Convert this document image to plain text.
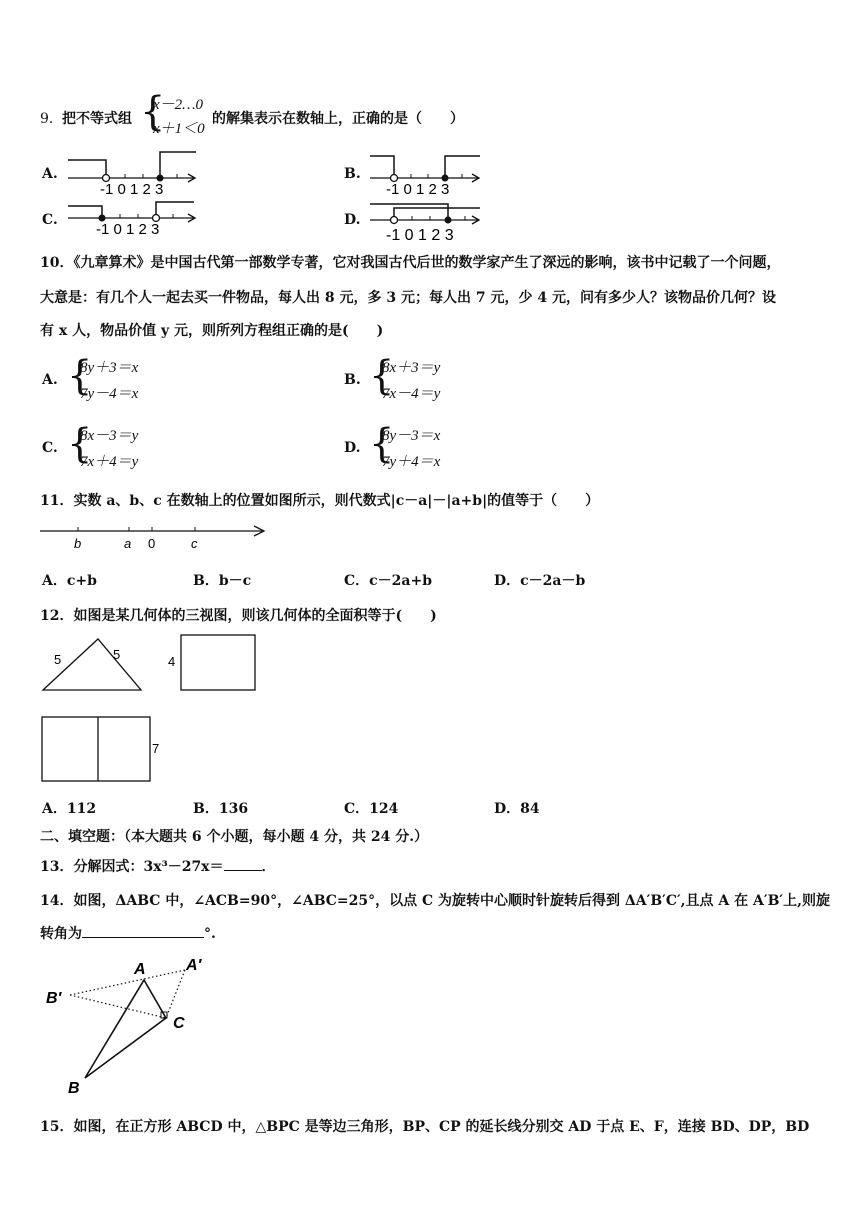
9． 把不等式组 {
x－2…0
x＋1＜0
的解集表示在数轴上，正确的是（　　）
A.	B.
C.	D.
-1 0 1 2 3	-1 0 1 2 3
-1 0 1 2 3	-1 0 1 2 3
10．《九章算术》是中国古代第一部数学专著，它对我国古代后世的数学家产生了深远的影响，该书中记载了一个问题，
大意是：有几个人一起去买一件物品，每人出 8 元，多 3 元；每人出 7 元，少 4 元，问有多少人？该物品价几何？设
有 x 人，物品价值 y 元，则所列方程组正确的是(　　)
A. {
8y＋3＝x
7y－4＝x
B. {
8x＋3＝y
7x－4＝y
C. {
8x－3＝y
7x＋4＝y
D. {
8y－3＝x
7y＋4＝x
11．实数 a、b、c 在数轴上的位置如图所示，则代数式|c－a|－|a+b|的值等于（　　）
b	a 0	c
A．c+b	B．b－c	C．c－2a+b	D．c－2a－b
12．如图是某几何体的三视图，则该几何体的全面积等于(　　)
5	5	4
7
A．112	B．136	C．124	D．84
二、填空题：（本大题共 6 个小题，每小题 4 分，共 24 分.）
13．分解因式：3x³－27x＝	．
14．如图，ΔABC 中，∠ACB=90°，∠ABC=25°，以点 C 为旋转中心顺时针旋转后得到 ΔA′B′C′,且点 A 在 A′B′上,则旋
转角为	°.
A	A′
B′
C
B
15．如图，在正方形 ABCD 中，△BPC 是等边三角形，BP、CP 的延长线分别交 AD 于点 E、F，连接 BD、DP，BD
